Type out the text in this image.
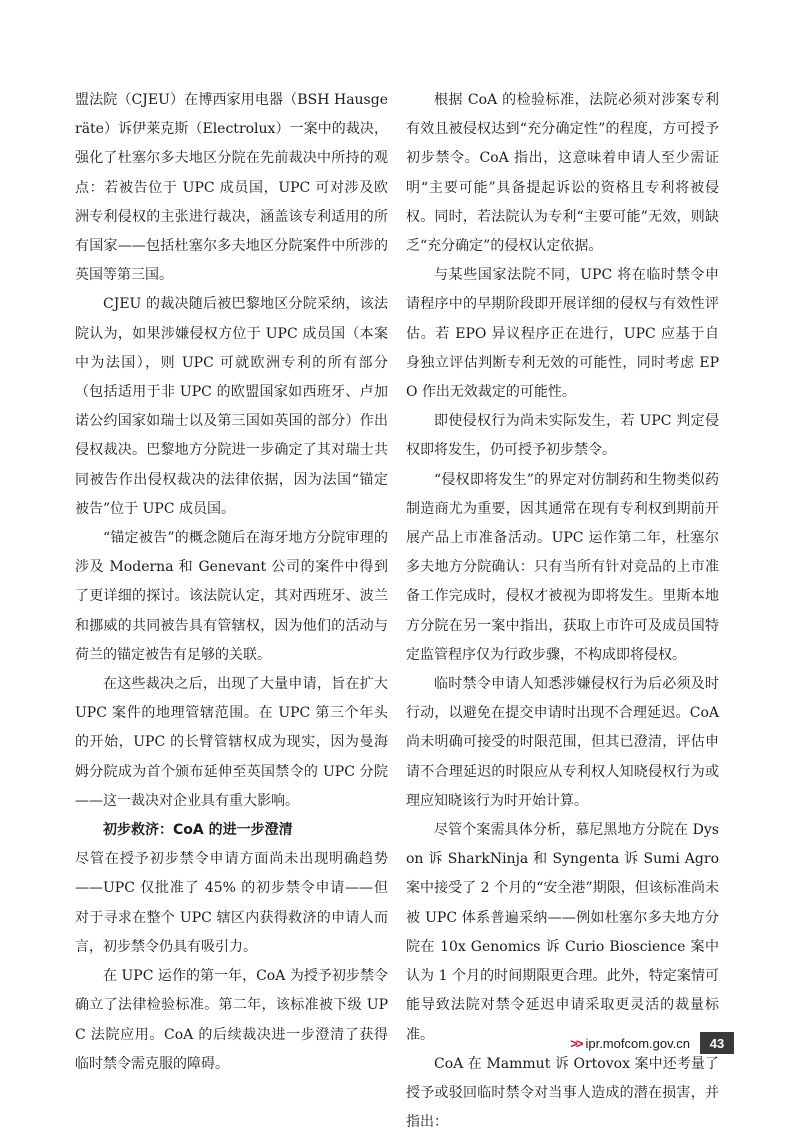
盟法院（CJEU）在博西家用电器（BSH Hausgeräte）诉伊莱克斯（Electrolux）一案中的裁决，强化了杜塞尔多夫地区分院在先前裁决中所持的观点：若被告位于 UPC 成员国，UPC 可对涉及欧洲专利侵权的主张进行裁决，涵盖该专利适用的所有国家——包括杜塞尔多夫地区分院案件中所涉的英国等第三国。

CJEU 的裁决随后被巴黎地区分院采纳，该法院认为，如果涉嫌侵权方位于 UPC 成员国（本案中为法国），则 UPC 可就欧洲专利的所有部分（包括适用于非 UPC 的欧盟国家如西班牙、卢加诺公约国家如瑞士以及第三国如英国的部分）作出侵权裁决。巴黎地方分院进一步确定了其对瑞士共同被告作出侵权裁决的法律依据，因为法国“锚定被告”位于 UPC 成员国。

“锚定被告”的概念随后在海牙地方分院审理的涉及 Moderna 和 Genevant 公司的案件中得到了更详细的探讨。该法院认定，其对西班牙、波兰和挪威的共同被告具有管辖权，因为他们的活动与荷兰的锚定被告有足够的关联。

在这些裁决之后，出现了大量申请，旨在扩大 UPC 案件的地理管辖范围。在 UPC 第三个年头的开始，UPC 的长臂管辖权成为现实，因为曼海姆分院成为首个颁布延伸至英国禁令的 UPC 分院——这一裁决对企业具有重大影响。

初步救济：CoA 的进一步澄清

尽管在授予初步禁令申请方面尚未出现明确趋势——UPC 仅批准了 45% 的初步禁令申请——但对于寻求在整个 UPC 辖区内获得救济的申请人而言，初步禁令仍具有吸引力。

在 UPC 运作的第一年，CoA 为授予初步禁令确立了法律检验标准。第二年，该标准被下级 UPC 法院应用。CoA 的后续裁决进一步澄清了获得临时禁令需克服的障碍。

根据 CoA 的检验标准，法院必须对涉案专利有效且被侵权达到“充分确定性”的程度，方可授予初步禁令。CoA 指出，这意味着申请人至少需证明“主要可能”具备提起诉讼的资格且专利将被侵权。同时，若法院认为专利“主要可能”无效，则缺乏“充分确定”的侵权认定依据。

与某些国家法院不同，UPC 将在临时禁令申请程序中的早期阶段即开展详细的侵权与有效性评估。若 EPO 异议程序正在进行，UPC 应基于自身独立评估判断专利无效的可能性，同时考虑 EPO 作出无效裁定的可能性。

即使侵权行为尚未实际发生，若 UPC 判定侵权即将发生，仍可授予初步禁令。

“侵权即将发生”的界定对仿制药和生物类似药制造商尤为重要，因其通常在现有专利权到期前开展产品上市准备活动。UPC 运作第二年，杜塞尔多夫地方分院确认：只有当所有针对竞品的上市准备工作完成时，侵权才被视为即将发生。里斯本地方分院在另一案中指出，获取上市许可及成员国特定监管程序仅为行政步骤，不构成即将侵权。

临时禁令申请人知悉涉嫌侵权行为后必须及时行动，以避免在提交申请时出现不合理延迟。CoA 尚未明确可接受的时限范围，但其已澄清，评估申请不合理延迟的时限应从专利权人知晓侵权行为或理应知晓该行为时开始计算。

尽管个案需具体分析，慕尼黑地方分院在 Dyson 诉 SharkNinja 和 Syngenta 诉 Sumi Agro 案中接受了 2 个月的“安全港”期限，但该标准尚未被 UPC 体系普遍采纳——例如杜塞尔多夫地方分院在 10x Genomics 诉 Curio Bioscience 案中认为 1 个月的时间期限更合理。此外，特定案情可能导致法院对禁令延迟申请采取更灵活的裁量标准。

CoA 在 Mammut 诉 Ortovox 案中还考量了授予或驳回临时禁令对当事人造成的潜在损害，并指出：

>> ipr.mofcom.gov.cn	43
